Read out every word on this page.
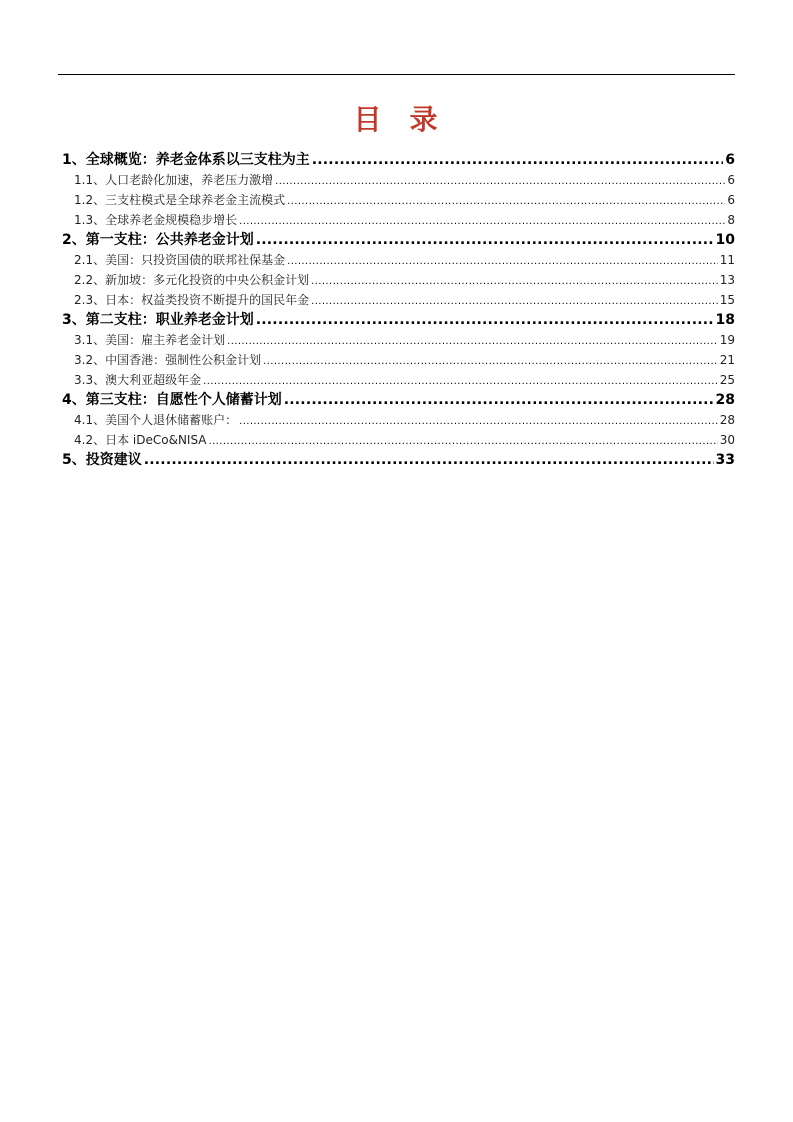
目 录
1、 全球概览：养老金体系以三支柱为主 .....	6
1.1、 人口老龄化加速，养老压力激增 .....	6
1.2、 三支柱模式是全球养老金主流模式 .....	6
1.3、 全球养老金规模稳步增长 .....	8
2、 第一支柱：公共养老金计划 .....	10
2.1、 美国：只投资国债的联邦社保基金 .....	11
2.2、 新加坡：多元化投资的中央公积金计划 .....	13
2.3、 日本：权益类投资不断提升的国民年金 .....	15
3、 第二支柱：职业养老金计划 .....	18
3.1、 美国：雇主养老金计划 .....	19
3.2、 中国香港：强制性公积金计划 .....	21
3.3、 澳大利亚超级年金 .....	25
4、 第三支柱：自愿性个人储蓄计划 .....	28
4.1、 美国个人退休储蓄账户： .....	28
4.2、 日本 iDeCo&NISA .....	30
5、 投资建议 .....	33
